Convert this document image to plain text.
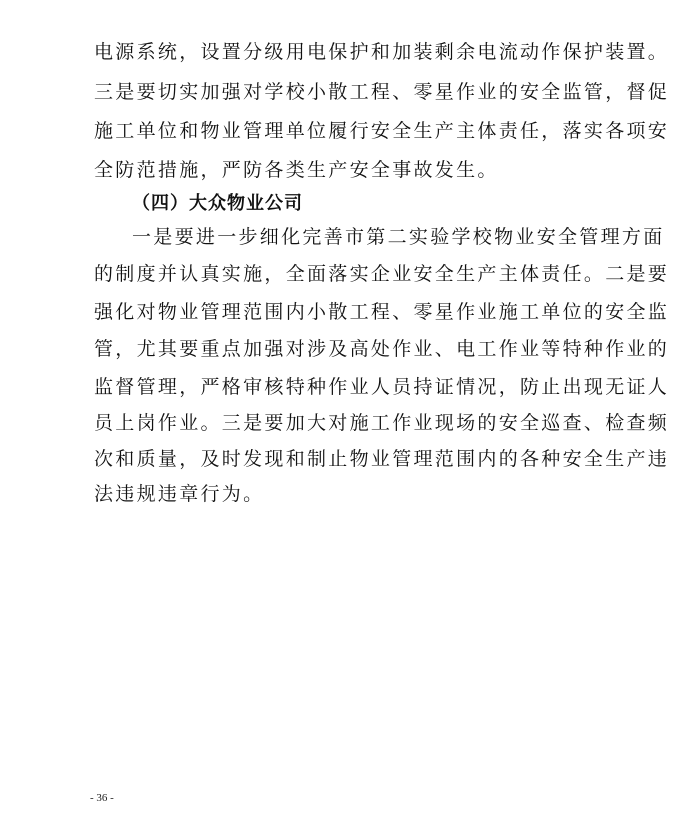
电源系统，设置分级用电保护和加装剩余电流动作保护装置。
三是要切实加强对学校小散工程、零星作业的安全监管，督促
施工单位和物业管理单位履行安全生产主体责任，落实各项安
全防范措施，严防各类生产安全事故发生。
（四）大众物业公司
一是要进一步细化完善市第二实验学校物业安全管理方面
的制度并认真实施，全面落实企业安全生产主体责任。二是要
强化对物业管理范围内小散工程、零星作业施工单位的安全监
管，尤其要重点加强对涉及高处作业、电工作业等特种作业的
监督管理，严格审核特种作业人员持证情况，防止出现无证人
员上岗作业。三是要加大对施工作业现场的安全巡查、检查频
次和质量，及时发现和制止物业管理范围内的各种安全生产违
法违规违章行为。
- 36 -
